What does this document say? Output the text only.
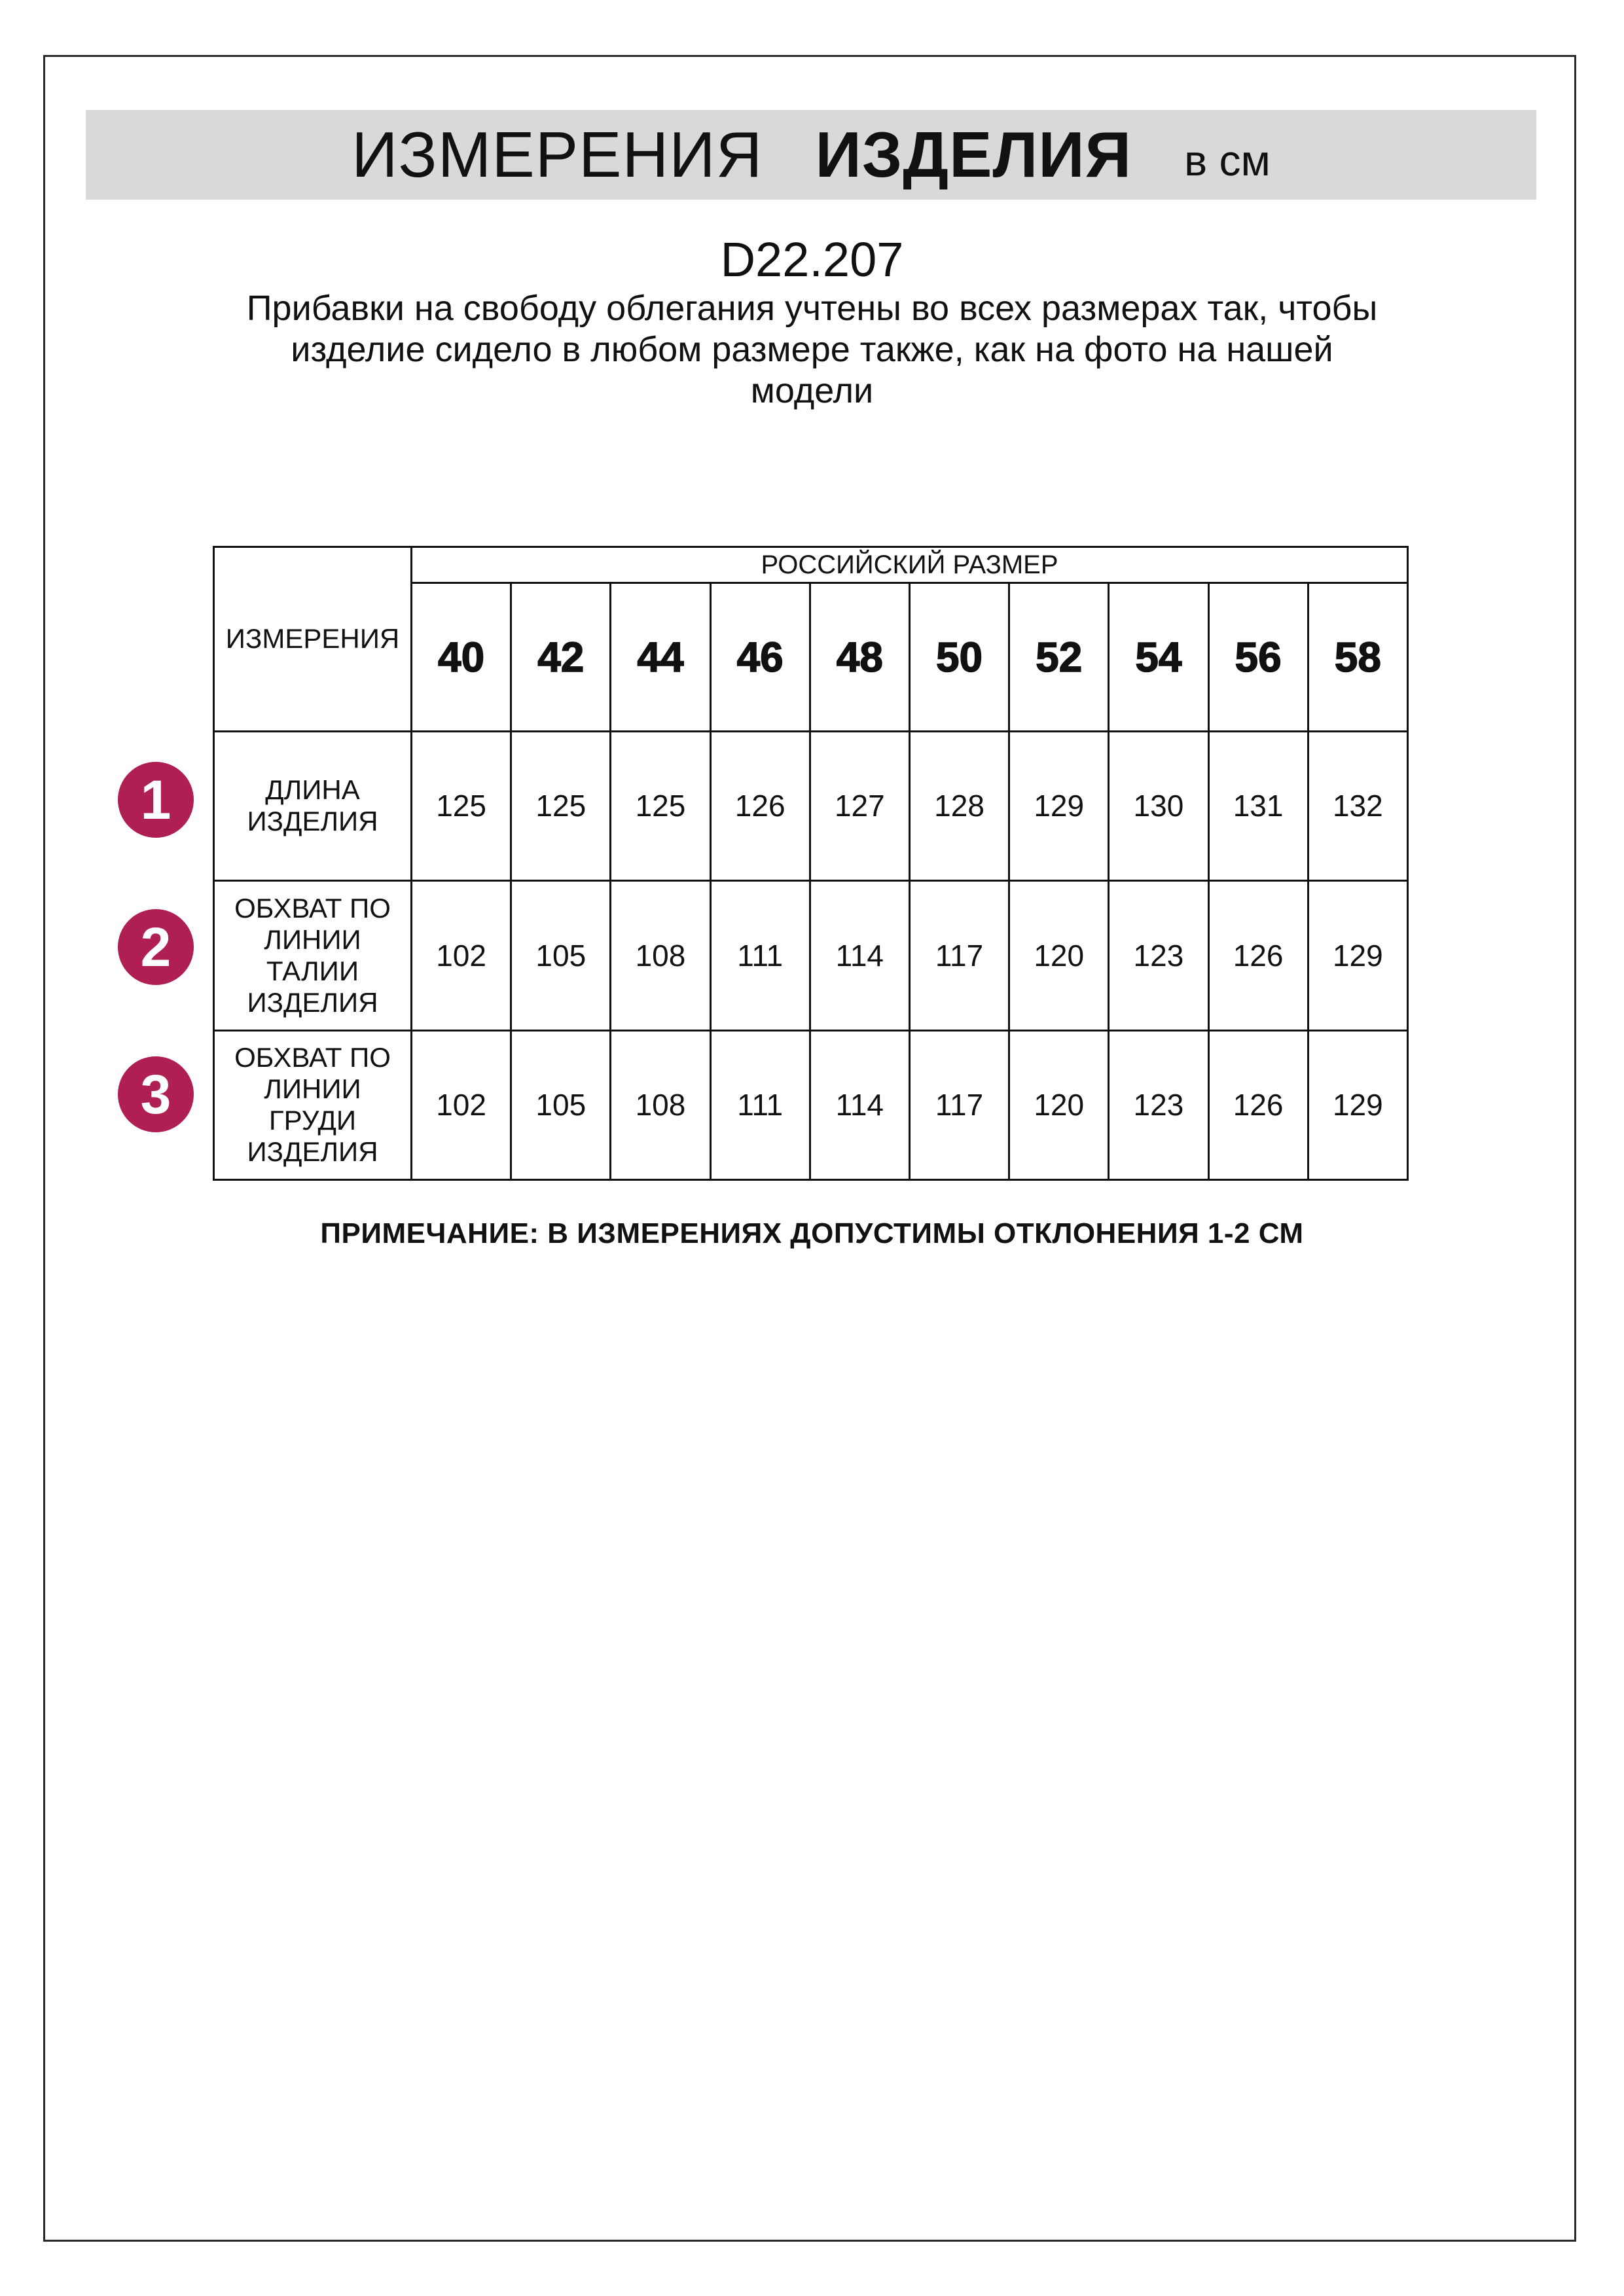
ИЗМЕРЕНИЯ ИЗДЕЛИЯ в см
D22.207
Прибавки на свободу облегания учтены во всех размерах так, чтобы
изделие сидело в любом размере также, как на фото на нашей
модели
ИЗМЕРЕНИЯ	РОССИЙСКИЙ РАЗМЕР									
	40	42	44	46	48	50	52	54	56	58

ДЛИНА
ИЗДЕЛИЯ	125	125	125	126	127	128	129	130	131	132

ОБХВАТ ПО
ЛИНИИ
ТАЛИИ
ИЗДЕЛИЯ	102	105	108	111	114	117	120	123	126	129

ОБХВАТ ПО
ЛИНИИ
ГРУДИ
ИЗДЕЛИЯ	102	105	108	111	114	117	120	123	126	129
1
2
3
ПРИМЕЧАНИЕ: В ИЗМЕРЕНИЯХ ДОПУСТИМЫ ОТКЛОНЕНИЯ 1-2 СМ
